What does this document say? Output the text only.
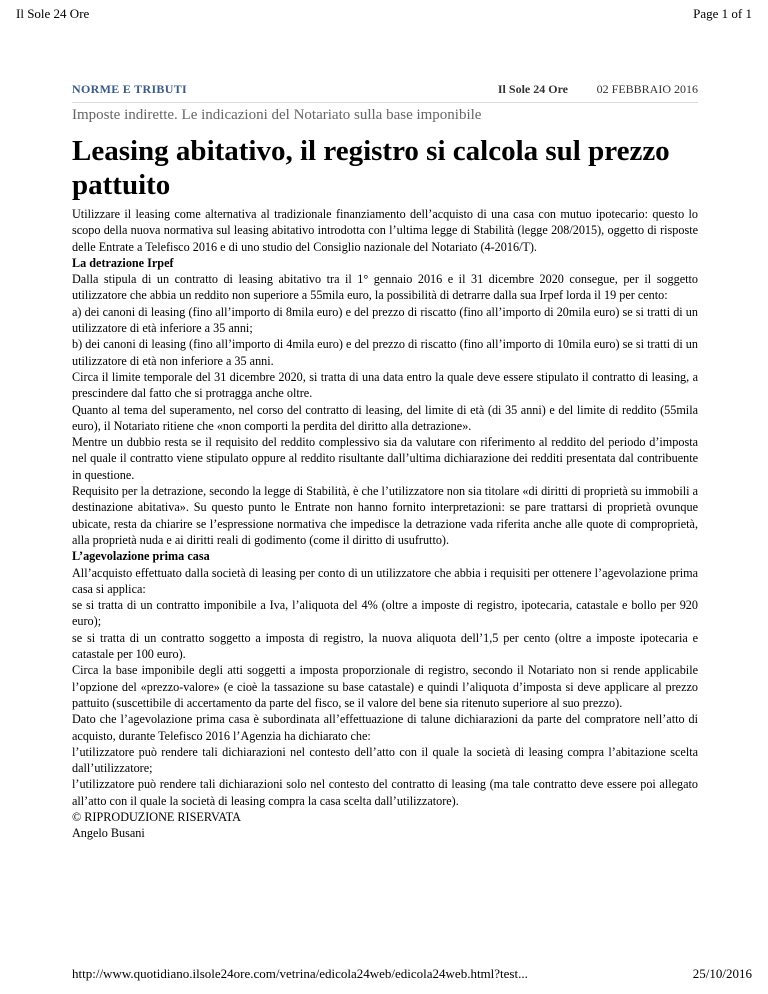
Il Sole 24 Ore	Page 1 of 1
NORME E TRIBUTI	Il Sole 24 Ore 02 FEBBRAIO 2016
Imposte indirette. Le indicazioni del Notariato sulla base imponibile
Leasing abitativo, il registro si calcola sul prezzo pattuito

Utilizzare il leasing come alternativa al tradizionale finanziamento dell’acquisto di una casa con mutuo ipotecario: questo lo scopo della nuova normativa sul leasing abitativo introdotta con l’ultima legge di Stabilità (legge 208/2015), oggetto di risposte delle Entrate a Telefisco 2016 e di uno studio del Consiglio nazionale del Notariato (4-2016/T).

La detrazione Irpef

Dalla stipula di un contratto di leasing abitativo tra il 1° gennaio 2016 e il 31 dicembre 2020 consegue, per il soggetto utilizzatore che abbia un reddito non superiore a 55mila euro, la possibilità di detrarre dalla sua Irpef lorda il 19 per cento:

a) dei canoni di leasing (fino all’importo di 8mila euro) e del prezzo di riscatto (fino all’importo di 20mila euro) se si tratti di un utilizzatore di età inferiore a 35 anni;

b) dei canoni di leasing (fino all’importo di 4mila euro) e del prezzo di riscatto (fino all’importo di 10mila euro) se si tratti di un utilizzatore di età non inferiore a 35 anni.

Circa il limite temporale del 31 dicembre 2020, si tratta di una data entro la quale deve essere stipulato il contratto di leasing, a prescindere dal fatto che si protragga anche oltre.

Quanto al tema del superamento, nel corso del contratto di leasing, del limite di età (di 35 anni) e del limite di reddito (55mila euro), il Notariato ritiene che «non comporti la perdita del diritto alla detrazione».

Mentre un dubbio resta se il requisito del reddito complessivo sia da valutare con riferimento al reddito del periodo d’imposta nel quale il contratto viene stipulato oppure al reddito risultante dall’ultima dichiarazione dei redditi presentata dal contribuente in questione.

Requisito per la detrazione, secondo la legge di Stabilità, è che l’utilizzatore non sia titolare «di diritti di proprietà su immobili a destinazione abitativa». Su questo punto le Entrate non hanno fornito interpretazioni: se pare trattarsi di proprietà ovunque ubicate, resta da chiarire se l’espressione normativa che impedisce la detrazione vada riferita anche alle quote di comproprietà, alla proprietà nuda e ai diritti reali di godimento (come il diritto di usufrutto).

L’agevolazione prima casa

All’acquisto effettuato dalla società di leasing per conto di un utilizzatore che abbia i requisiti per ottenere l’agevolazione prima casa si applica:

se si tratta di un contratto imponibile a Iva, l’aliquota del 4% (oltre a imposte di registro, ipotecaria, catastale e bollo per 920 euro);

se si tratta di un contratto soggetto a imposta di registro, la nuova aliquota dell’1,5 per cento (oltre a imposte ipotecaria e catastale per 100 euro).

Circa la base imponibile degli atti soggetti a imposta proporzionale di registro, secondo il Notariato non si rende applicabile l’opzione del «prezzo-valore» (e cioè la tassazione su base catastale) e quindi l’aliquota d’imposta si deve applicare al prezzo pattuito (suscettibile di accertamento da parte del fisco, se il valore del bene sia ritenuto superiore al suo prezzo).

Dato che l’agevolazione prima casa è subordinata all’effettuazione di talune dichiarazioni da parte del compratore nell’atto di acquisto, durante Telefisco 2016 l’Agenzia ha dichiarato che:

l’utilizzatore può rendere tali dichiarazioni nel contesto dell’atto con il quale la società di leasing compra l’abitazione scelta dall’utilizzatore;

l’utilizzatore può rendere tali dichiarazioni solo nel contesto del contratto di leasing (ma tale contratto deve essere poi allegato all’atto con il quale la società di leasing compra la casa scelta dall’utilizzatore).

© RIPRODUZIONE RISERVATA

Angelo Busani

http://www.quotidiano.ilsole24ore.com/vetrina/edicola24web/edicola24web.html?test...	25/10/2016
